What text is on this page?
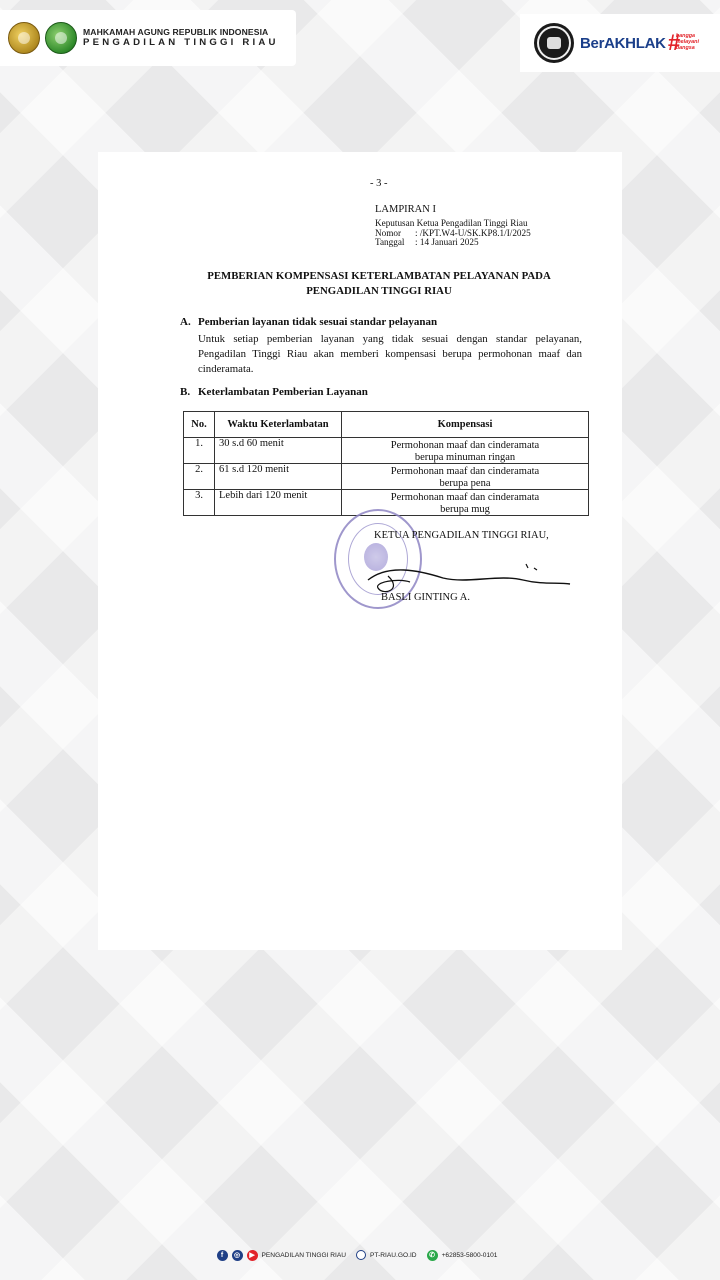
MAHKAMAH AGUNG REPUBLIK INDONESIA
PENGADILAN TINGGI RIAU	BerAKHLAK #
bangga
melayani
bangsa
- 3 -
LAMPIRAN I
Keputusan Ketua Pengadilan Tinggi Riau
Nomor	: /KPT.W4-U/SK.KP8.1/I/2025
Tanggal	: 14 Januari 2025
PEMBERIAN KOMPENSASI KETERLAMBATAN PELAYANAN PADA
PENGADILAN TINGGI RIAU
A. Pemberian layanan tidak sesuai standar pelayanan
Untuk setiap pemberian layanan yang tidak sesuai dengan standar pelayanan, Pengadilan Tinggi Riau akan memberi kompensasi berupa permohonan maaf dan cinderamata.
B. Keterlambatan Pemberian Layanan
No.	Waktu Keterlambatan	Kompensasi
1.	30 s.d 60 menit	Permohonan maaf dan cinderamata
berupa minuman ringan

2.	61 s.d 120 menit	Permohonan maaf dan cinderamata
berupa pena

3.	Lebih dari 120 menit	Permohonan maaf dan cinderamata
berupa mug
KETUA PENGADILAN TINGGI RIAU,
BASLI GINTING A.
f	◎	▶	PENGADILAN TINGGI RIAU	PT-RIAU.GO.ID	✆ +62853-5800-0101
